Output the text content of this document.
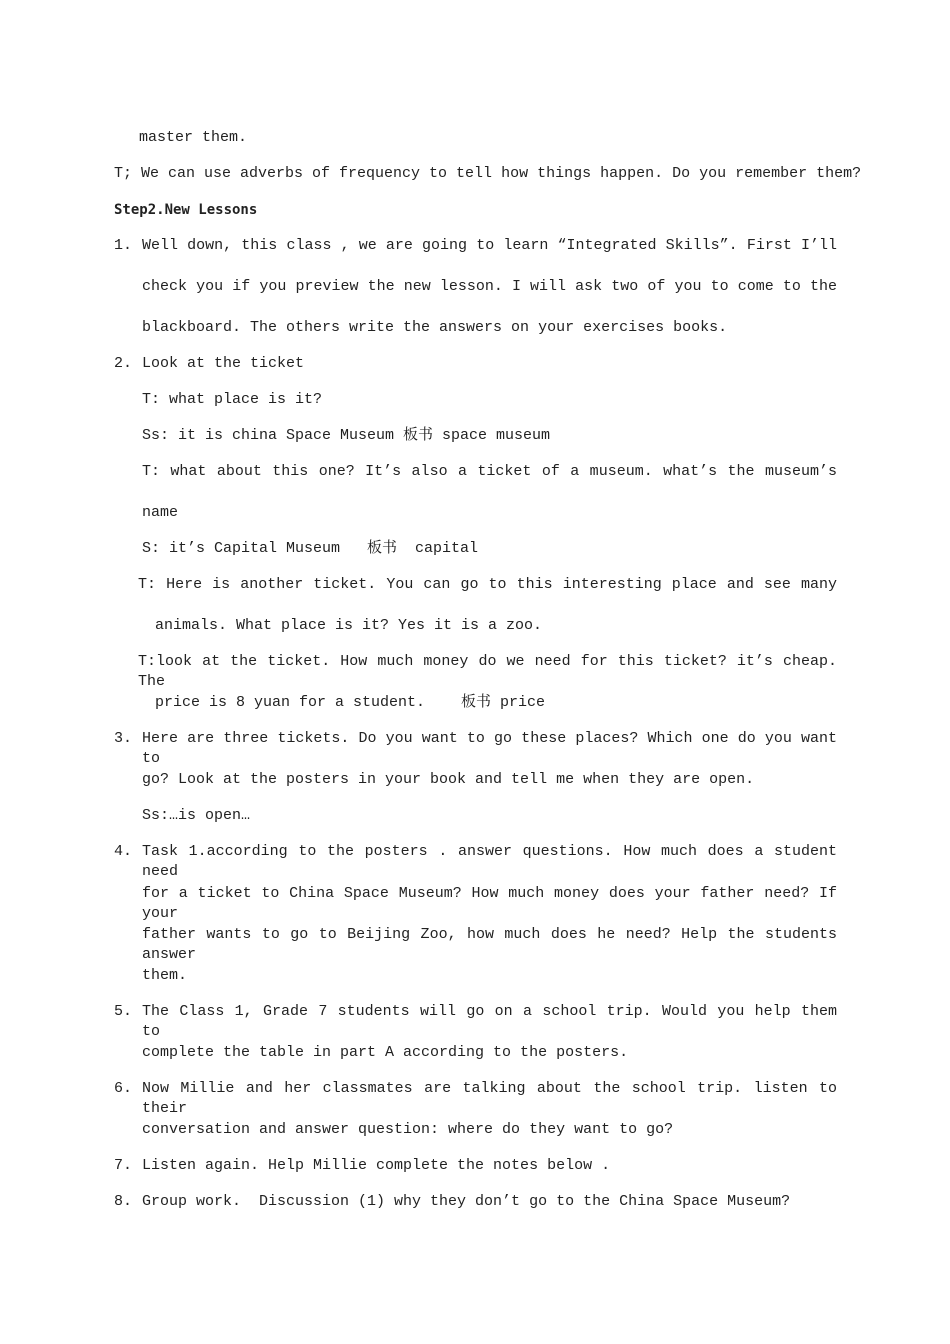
master them.
T; We can use adverbs of frequency to tell how things happen. Do you remember them?
Step2.New Lessons
1. Well down, this class , we are going to learn “Integrated Skills”. First I’ll
check you if you preview the new lesson. I will ask two of you to come to the
blackboard. The others write the answers on your exercises books.
2. Look at the ticket
T: what place is it?
Ss: it is china Space Museum 板书 space museum
T: what about this one? It’s also a ticket of a museum. what’s the museum’s
name
S: it’s Capital Museum   板书  capital
T: Here is another ticket. You can go to this interesting place and see many
animals. What place is it? Yes it is a zoo.
T:look at the ticket. How much money do we need for this ticket? it’s cheap. The
price is 8 yuan for a student.    板书 price
3. Here are three tickets. Do you want to go these places? Which one do you want to
go? Look at the posters in your book and tell me when they are open.
Ss:…is open…
4. Task 1.according to the posters . answer questions. How much does a student need
for a ticket to China Space Museum? How much money does your father need? If your
father wants to go to Beijing Zoo, how much does he need? Help the students answer
them.
5. The Class 1, Grade 7 students will go on a school trip. Would you help them to
complete the table in part A according to the posters.
6. Now Millie and her classmates are talking about the school trip. listen to their
conversation and answer question: where do they want to go?
7. Listen again. Help Millie complete the notes below .
8. Group work.  Discussion (1) why they don’t go to the China Space Museum?
